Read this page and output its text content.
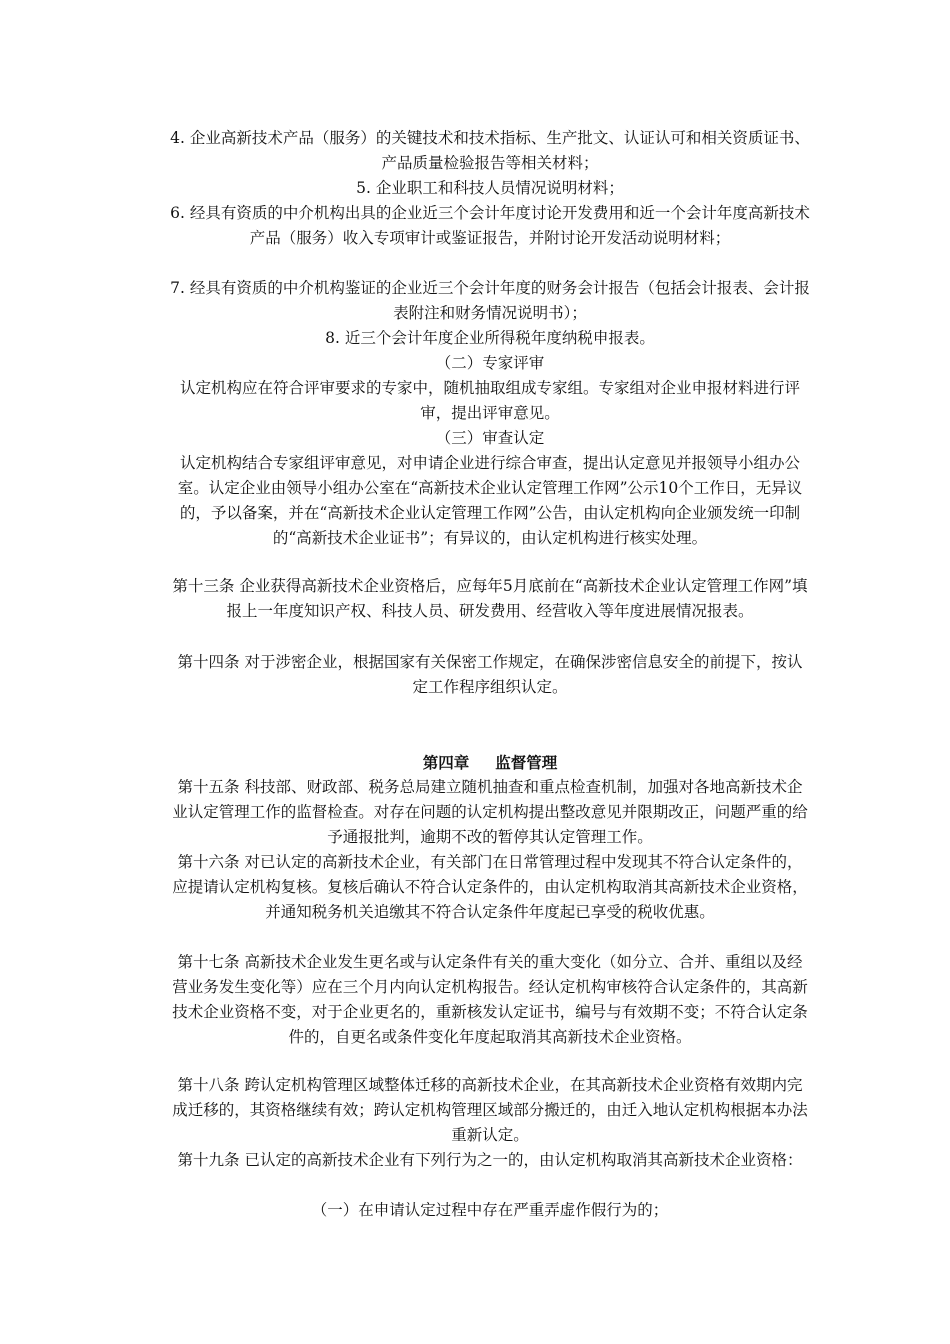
4. 企业高新技术产品（服务）的关键技术和技术指标、生产批文、认证认可和相关资质证书、产品质量检验报告等相关材料；

5. 企业职工和科技人员情况说明材料；

6. 经具有资质的中介机构出具的企业近三个会计年度讨论开发费用和近一个会计年度高新技术产品（服务）收入专项审计或鉴证报告，并附讨论开发活动说明材料；

7. 经具有资质的中介机构鉴证的企业近三个会计年度的财务会计报告（包括会计报表、会计报表附注和财务情况说明书）；

8. 近三个会计年度企业所得税年度纳税申报表。

（二）专家评审

认定机构应在符合评审要求的专家中，随机抽取组成专家组。专家组对企业申报材料进行评审，提出评审意见。

（三）审查认定

认定机构结合专家组评审意见，对申请企业进行综合审查，提出认定意见并报领导小组办公室。认定企业由领导小组办公室在“高新技术企业认定管理工作网”公示10个工作日，无异议的，予以备案，并在“高新技术企业认定管理工作网”公告，由认定机构向企业颁发统一印制的“高新技术企业证书”；有异议的，由认定机构进行核实处理。

第十三条 企业获得高新技术企业资格后，应每年5月底前在“高新技术企业认定管理工作网”填报上一年度知识产权、科技人员、研发费用、经营收入等年度进展情况报表。

第十四条 对于涉密企业，根据国家有关保密工作规定，在确保涉密信息安全的前提下，按认定工作程序组织认定。

第四章 监督管理

第十五条 科技部、财政部、税务总局建立随机抽查和重点检查机制，加强对各地高新技术企业认定管理工作的监督检查。对存在问题的认定机构提出整改意见并限期改正，问题严重的给予通报批判，逾期不改的暂停其认定管理工作。

第十六条 对已认定的高新技术企业，有关部门在日常管理过程中发现其不符合认定条件的，应提请认定机构复核。复核后确认不符合认定条件的，由认定机构取消其高新技术企业资格，并通知税务机关追缴其不符合认定条件年度起已享受的税收优惠。

第十七条 高新技术企业发生更名或与认定条件有关的重大变化（如分立、合并、重组以及经营业务发生变化等）应在三个月内向认定机构报告。经认定机构审核符合认定条件的，其高新技术企业资格不变，对于企业更名的，重新核发认定证书，编号与有效期不变；不符合认定条件的，自更名或条件变化年度起取消其高新技术企业资格。

第十八条 跨认定机构管理区域整体迁移的高新技术企业，在其高新技术企业资格有效期内完成迁移的，其资格继续有效；跨认定机构管理区域部分搬迁的，由迁入地认定机构根据本办法重新认定。

第十九条 已认定的高新技术企业有下列行为之一的，由认定机构取消其高新技术企业资格：

（一）在申请认定过程中存在严重弄虚作假行为的；
